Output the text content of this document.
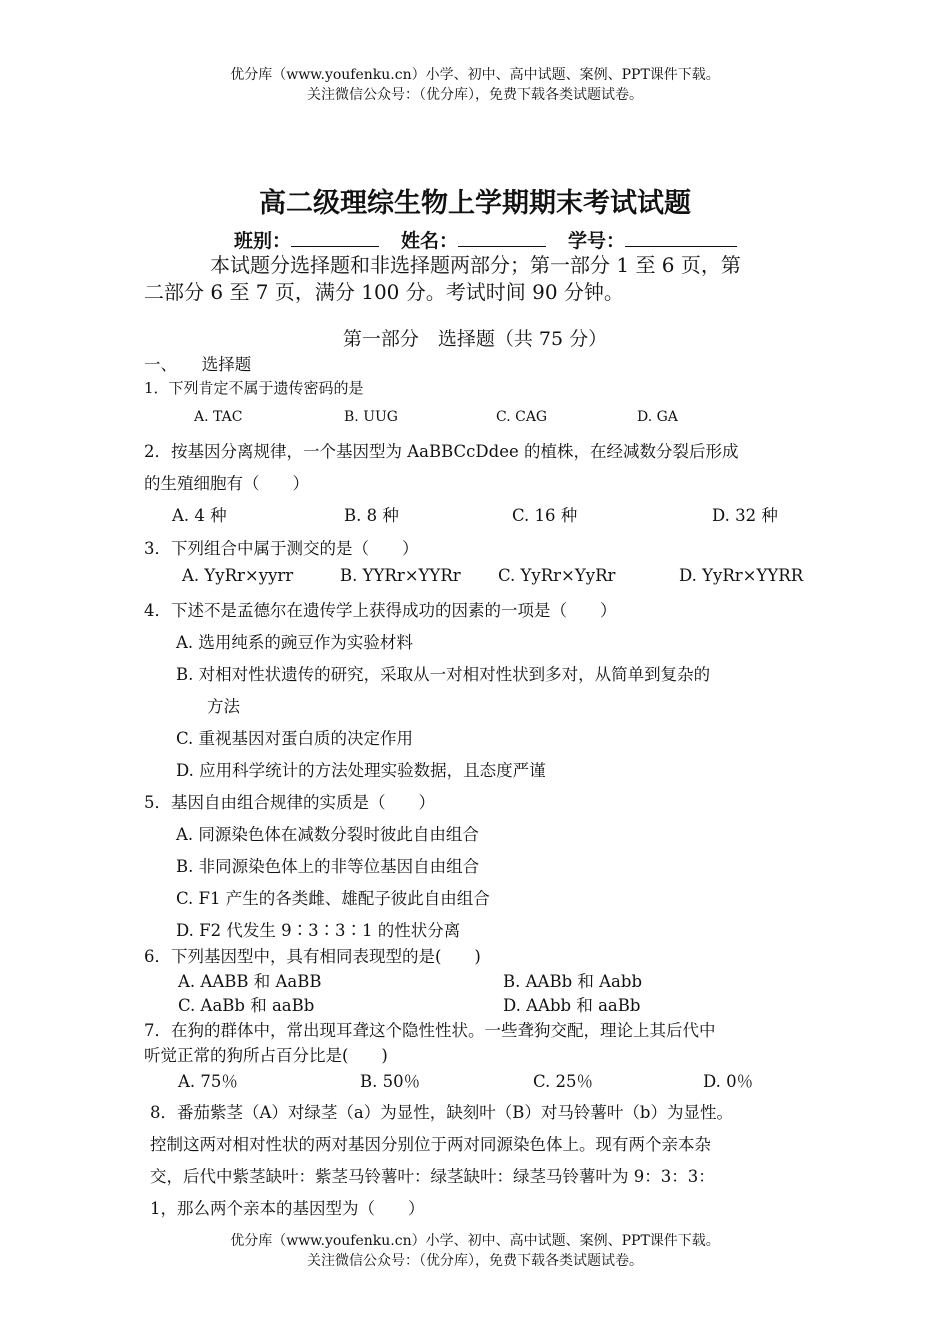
优分库（www.youfenku.cn）小学、初中、高中试题、案例、PPT课件下载。
关注微信公众号：（优分库），免费下载各类试题试卷。
高二级理综生物上学期期末考试试题
班别：	姓名：	学号：
本试题分选择题和非选择题两部分；第一部分 1 至 6 页，第
二部分 6 至 7 页，满分 100 分。考试时间 90 分钟。
第一部分　选择题（共 75 分）
一、　　选择题
1．下列肯定不属于遗传密码的是
A. TAC	B. UUG	C. CAG	D. GA
2．按基因分离规律，一个基因型为 AaBBCcDdee 的植株，在经减数分裂后形成
的生殖细胞有（　　）
A. 4 种	B. 8 种	C. 16 种	D. 32 种
3．下列组合中属于测交的是（　　）
A. YyRr×yyrr	B. YYRr×YYRr C. YyRr×YyRr	D. YyRr×YYRR
4．下述不是孟德尔在遗传学上获得成功的因素的一项是（　　）
A. 选用纯系的豌豆作为实验材料
B. 对相对性状遗传的研究，采取从一对相对性状到多对，从简单到复杂的
方法
C. 重视基因对蛋白质的决定作用
D. 应用科学统计的方法处理实验数据，且态度严谨
5．基因自由组合规律的实质是（　　）
A. 同源染色体在减数分裂时彼此自由组合
B. 非同源染色体上的非等位基因自由组合
C. F1 产生的各类雌、雄配子彼此自由组合
D. F2 代发生 9∶3∶3∶1 的性状分离
6．下列基因型中，具有相同表现型的是(　　)
A. AABB 和 AaBB	B. AABb 和 Aabb
C. AaBb 和 aaBb	D. AAbb 和 aaBb
7．在狗的群体中，常出现耳聋这个隐性性状。一些聋狗交配，理论上其后代中
听觉正常的狗所占百分比是(　　)
A. 75％	B. 50％	C. 25％	D. 0％
8．番茄紫茎（A）对绿茎（a）为显性，缺刻叶（B）对马铃薯叶（b）为显性。
控制这两对相对性状的两对基因分别位于两对同源染色体上。现有两个亲本杂
交，后代中紫茎缺叶：紫茎马铃薯叶：绿茎缺叶：绿茎马铃薯叶为 9：3：3：
1，那么两个亲本的基因型为（　　）
优分库（www.youfenku.cn）小学、初中、高中试题、案例、PPT课件下载。
关注微信公众号：（优分库），免费下载各类试题试卷。
